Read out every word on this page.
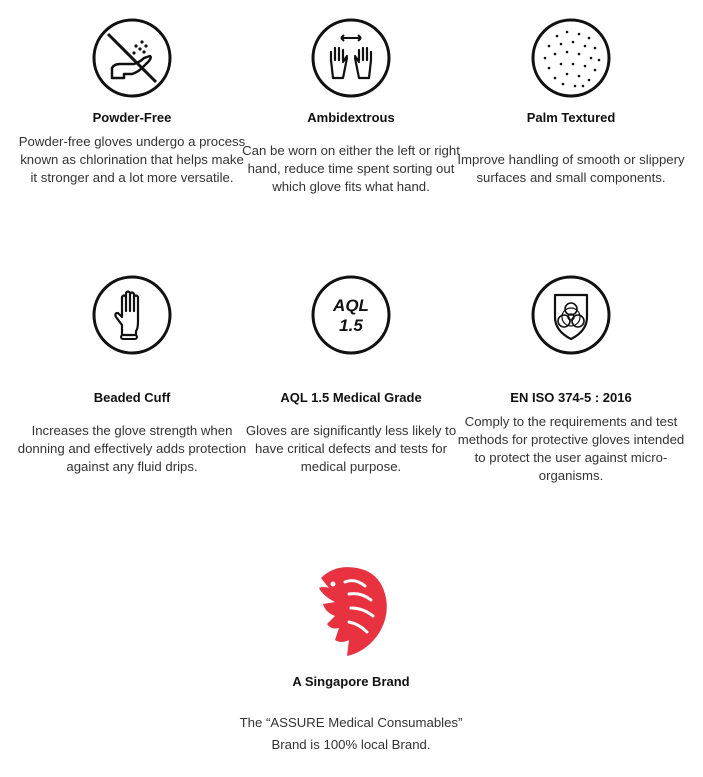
Powder-Free
Powder-free gloves undergo a process known as chlorination that helps make it stronger and a lot more versatile.
Ambidextrous
Can be worn on either the left or right hand, reduce time spent sorting out which glove fits what hand.
Palm Textured
Improve handling of smooth or slippery surfaces and small components.
Beaded Cuff
Increases the glove strength when donning and effectively adds protection against any fluid drips.
AQL
1.5
AQL 1.5 Medical Grade
Gloves are significantly less likely to have critical defects and tests for medical purpose.
EN ISO 374-5 : 2016
Comply to the requirements and test methods for protective gloves intended to protect the user against micro-organisms.
A Singapore Brand
The “ASSURE Medical Consumables” Brand is 100% local Brand.
